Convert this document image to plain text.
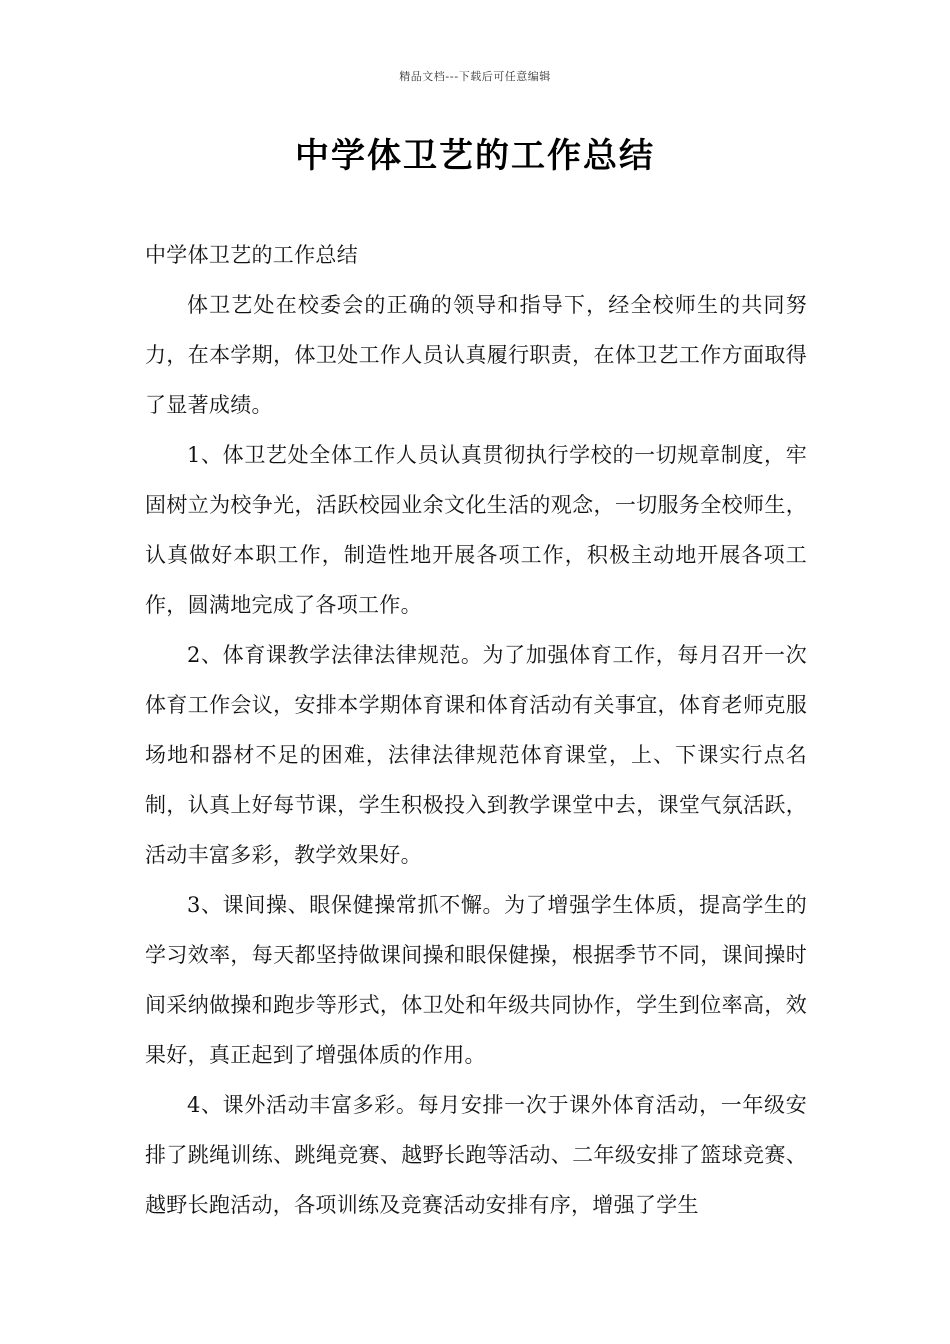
精品文档---下载后可任意编辑
中学体卫艺的工作总结

中学体卫艺的工作总结

体卫艺处在校委会的正确的领导和指导下，经全校师生的共同努力，在本学期，体卫处工作人员认真履行职责，在体卫艺工作方面取得了显著成绩。

1、体卫艺处全体工作人员认真贯彻执行学校的一切规章制度，牢固树立为校争光，活跃校园业余文化生活的观念，一切服务全校师生，认真做好本职工作，制造性地开展各项工作，积极主动地开展各项工作，圆满地完成了各项工作。

2、体育课教学法律法律规范。为了加强体育工作，每月召开一次体育工作会议，安排本学期体育课和体育活动有关事宜，体育老师克服场地和器材不足的困难，法律法律规范体育课堂，上、下课实行点名制，认真上好每节课，学生积极投入到教学课堂中去，课堂气氛活跃，活动丰富多彩，教学效果好。

3、课间操、眼保健操常抓不懈。为了增强学生体质，提高学生的学习效率，每天都坚持做课间操和眼保健操，根据季节不同，课间操时间采纳做操和跑步等形式，体卫处和年级共同协作，学生到位率高，效果好，真正起到了增强体质的作用。

4、课外活动丰富多彩。每月安排一次于课外体育活动，一年级安排了跳绳训练、跳绳竞赛、越野长跑等活动、二年级安排了篮球竞赛、越野长跑活动，各项训练及竞赛活动安排有序，增强了学生
